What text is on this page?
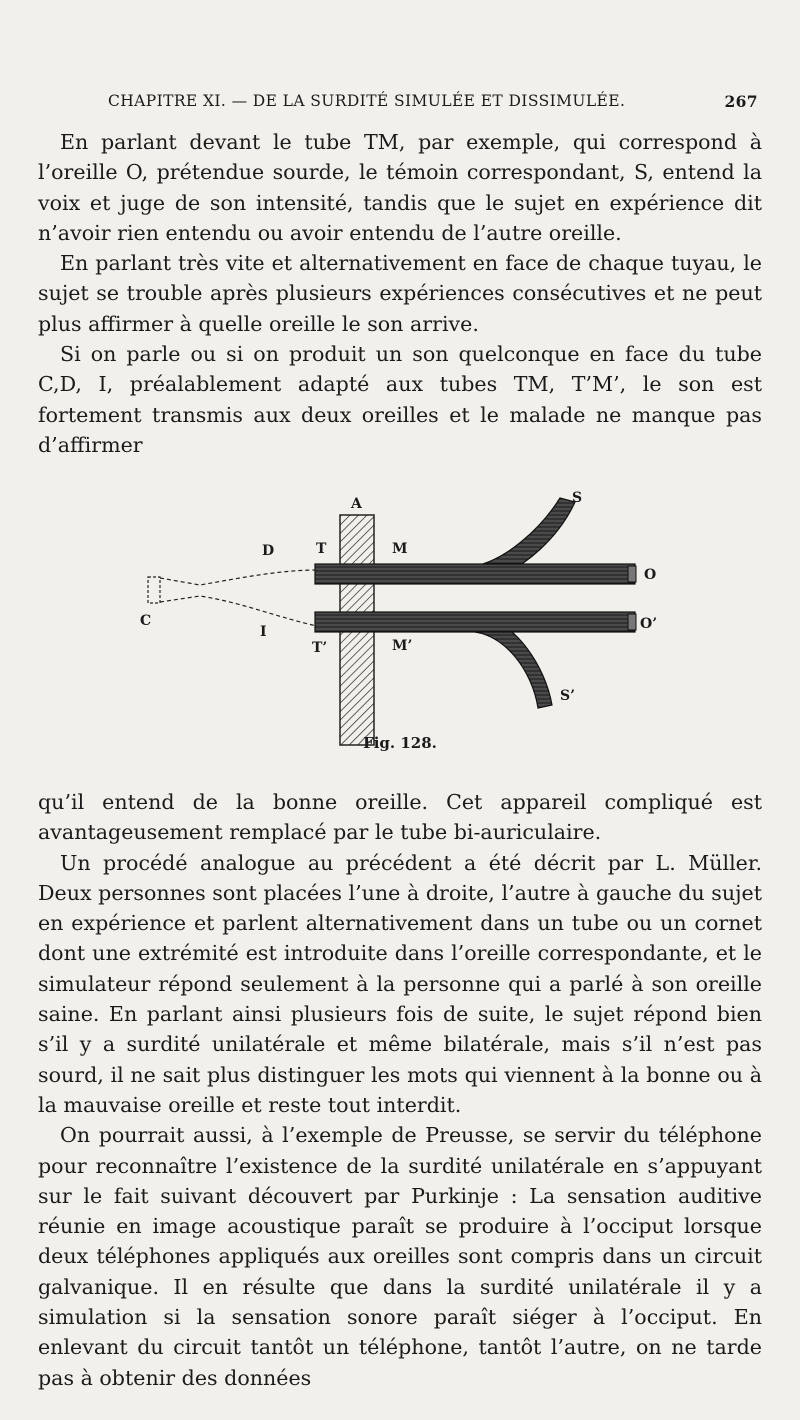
CHAPITRE XI. — DE LA SURDITÉ SIMULÉE ET DISSIMULÉE.	267

En parlant devant le tube TM, par exemple, qui correspond à l’oreille O, prétendue sourde, le témoin correspondant, S, entend la voix et juge de son intensité, tandis que le sujet en expérience dit n’avoir rien entendu ou avoir entendu de l’autre oreille.

En parlant très vite et alternativement en face de chaque tuyau, le sujet se trouble après plusieurs expériences consécutives et ne peut plus affirmer à quelle oreille le son arrive.

Si on parle ou si on produit un son quelconque en face du tube C,D, I, préalablement adapté aux tubes TM, T’M’, le son est fortement transmis aux deux oreilles et le malade ne manque pas d’affirmer

A	S
D	T	M
O
C
I	O’
T’	M’
S’
Fig. 128.

qu’il entend de la bonne oreille. Cet appareil compliqué est avantageusement remplacé par le tube bi-auriculaire.

Un procédé analogue au précédent a été décrit par L. Müller. Deux personnes sont placées l’une à droite, l’autre à gauche du sujet en expérience et parlent alternativement dans un tube ou un cornet dont une extrémité est introduite dans l’oreille correspondante, et le simulateur répond seulement à la personne qui a parlé à son oreille saine. En parlant ainsi plusieurs fois de suite, le sujet répond bien s’il y a surdité unilatérale et même bilatérale, mais s’il n’est pas sourd, il ne sait plus distinguer les mots qui viennent à la bonne ou à la mauvaise oreille et reste tout interdit.

On pourrait aussi, à l’exemple de Preusse, se servir du téléphone pour reconnaître l’existence de la surdité unilatérale en s’appuyant sur le fait suivant découvert par Purkinje : La sensation auditive réunie en image acoustique paraît se produire à l’occiput lorsque deux téléphones appliqués aux oreilles sont compris dans un circuit galvanique. Il en résulte que dans la surdité unilatérale il y a simulation si la sensation sonore paraît siéger à l’occiput. En enlevant du circuit tantôt un téléphone, tantôt l’autre, on ne tarde pas à obtenir des données
